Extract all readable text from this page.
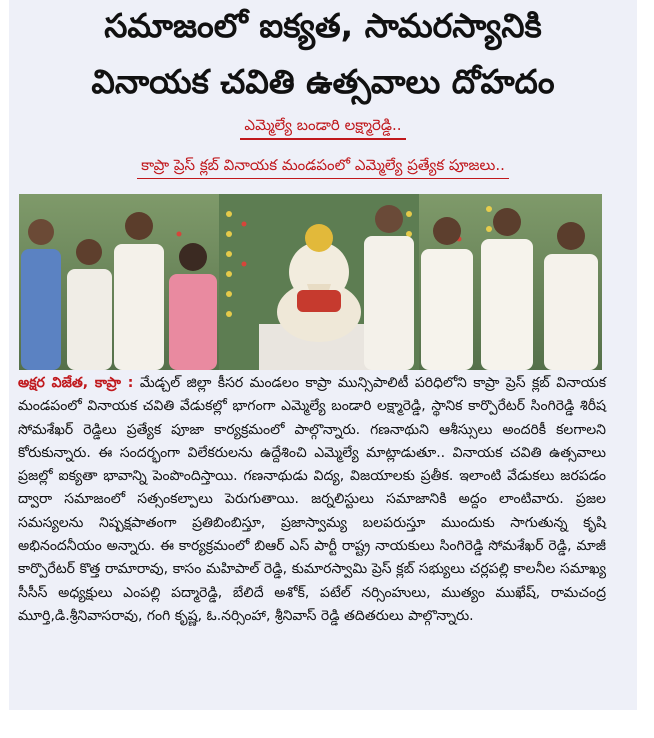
సమాజంలో ఐక్యత, సామరస్యానికి
వినాయక చవితి ఉత్సవాలు దోహదం
ఎమ్మెల్యే బండారి లక్ష్మారెడ్డి..
కాప్రా ప్రెస్ క్లబ్ వినాయక మండపంలో ఎమ్మెల్యే ప్రత్యేక పూజలు..
అక్షర విజేత, కాప్రా : మేడ్చల్ జిల్లా కీసర మండలం కాప్రా మున్సిపాలిటీ పరిధిలోని కాప్రా ప్రెస్ క్లబ్ వినాయక మండపంలో వినాయక చవితి వేడుకల్లో భాగంగా ఎమ్మెల్యే బండారి లక్ష్మారెడ్డి, స్థానిక కార్పొరేటర్ సింగిరెడ్డి శిరీష సోమశేఖర్ రెడ్డిలు ప్రత్యేక పూజా కార్యక్రమంలో పాల్గొన్నారు. గణనాథుని ఆశీస్సులు అందరికీ కలగాలని కోరుకున్నారు. ఈ సందర్భంగా విలేకరులను ఉద్దేశించి ఎమ్మెల్యే మాట్లాడుతూ.. వినాయక చవితి ఉత్సవాలు ప్రజల్లో ఐక్యతా భావాన్ని పెంపొందిస్తాయి. గణనాథుడు విద్య, విజయాలకు ప్రతీక. ఇలాంటి వేడుకలు జరపడం ద్వారా సమాజంలో సత్సంకల్పాలు పెరుగుతాయి. జర్నలిస్టులు సమాజానికి అద్దం లాంటివారు. ప్రజల సమస్యలను నిష్పక్షపాతంగా ప్రతిబింబిస్తూ, ప్రజాస్వామ్య బలపరుస్తూ ముందుకు సాగుతున్న కృషి అభినందనీయం అన్నారు. ఈ కార్యక్రమంలో బిఆర్ ఎస్ పార్టీ రాష్ట్ర నాయకులు సింగిరెడ్డి సోమశేఖర్ రెడ్డి, మాజీ కార్పొరేటర్ కొత్త రామారావు, కాసం మహిపాల్ రెడ్డి, కుమారస్వామి ప్రెస్ క్లబ్ సభ్యులు చర్లపల్లి కాలనీల సమాఖ్య సీసీస్ అధ్యక్షులు ఎంపల్లి పద్మారెడ్డి, బేలిదే అశోక్, పటేల్ నర్సింహులు, ముత్యం ముఖేష్, రామచంద్ర మూర్తి,డి.శ్రీనివాసరావు, గంగి కృష్ణ, ఓ.నర్సింహా, శ్రీనివాస్ రెడ్డి తదితరులు పాల్గొన్నారు.
